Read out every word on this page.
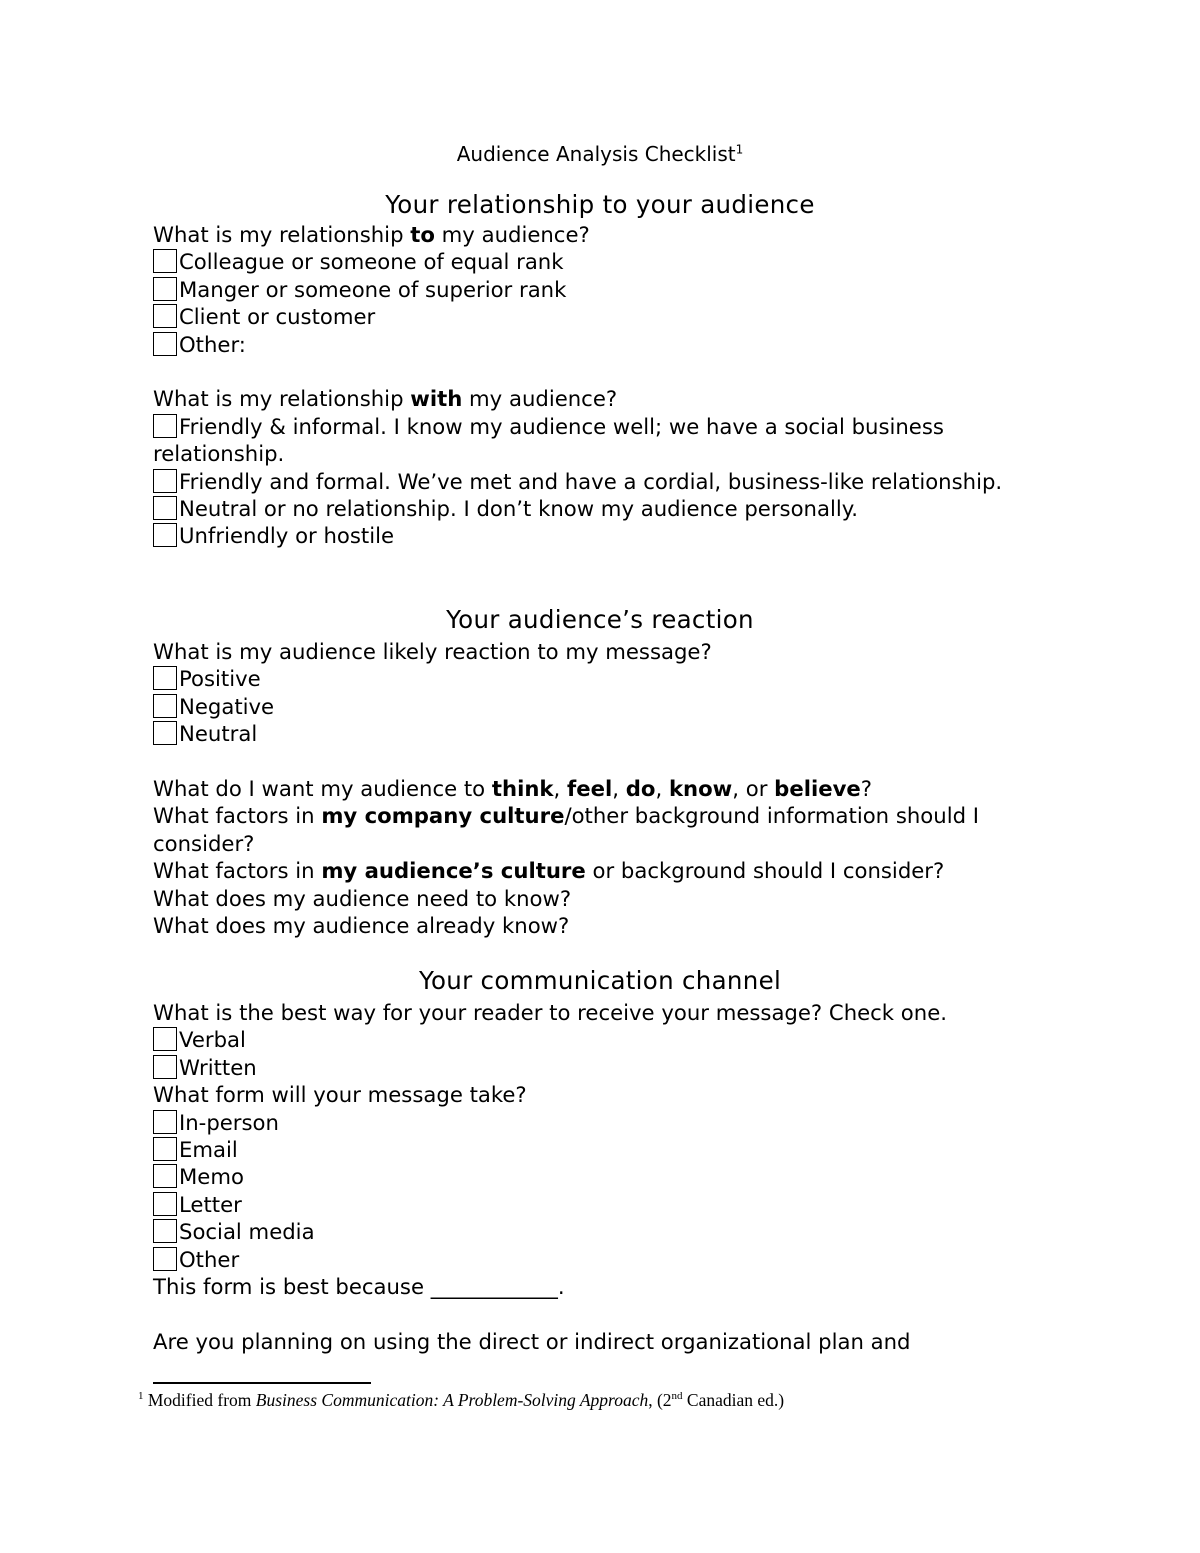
Audience Analysis Checklist$^1$
Your relationship to your audience
What is my relationship to my audience?
Colleague or someone of equal rank
Manger or someone of superior rank
Client or customer
Other:
What is my relationship with my audience?
Friendly & informal. I know my audience well; we have a social business relationship.
Friendly and formal. We’ve met and have a cordial, business-like relationship.
Neutral or no relationship. I don’t know my audience personally.
Unfriendly or hostile
Your audience’s reaction
What is my audience likely reaction to my message?
Positive
Negative
Neutral
What do I want my audience to think, feel, do, know, or believe?
What factors in my company culture/other background information should I consider?
What factors in my audience’s culture or background should I consider?
What does my audience need to know?
What does my audience already know?
Your communication channel
What is the best way for your reader to receive your message? Check one.
Verbal
Written
What form will your message take?
In-person
Email
Memo
Letter
Social media
Other
This form is best because ____________.
Are you planning on using the direct or indirect organizational plan and
$^1$ Modified from Business Communication: A Problem-Solving Approach, (2nd Canadian ed.)
